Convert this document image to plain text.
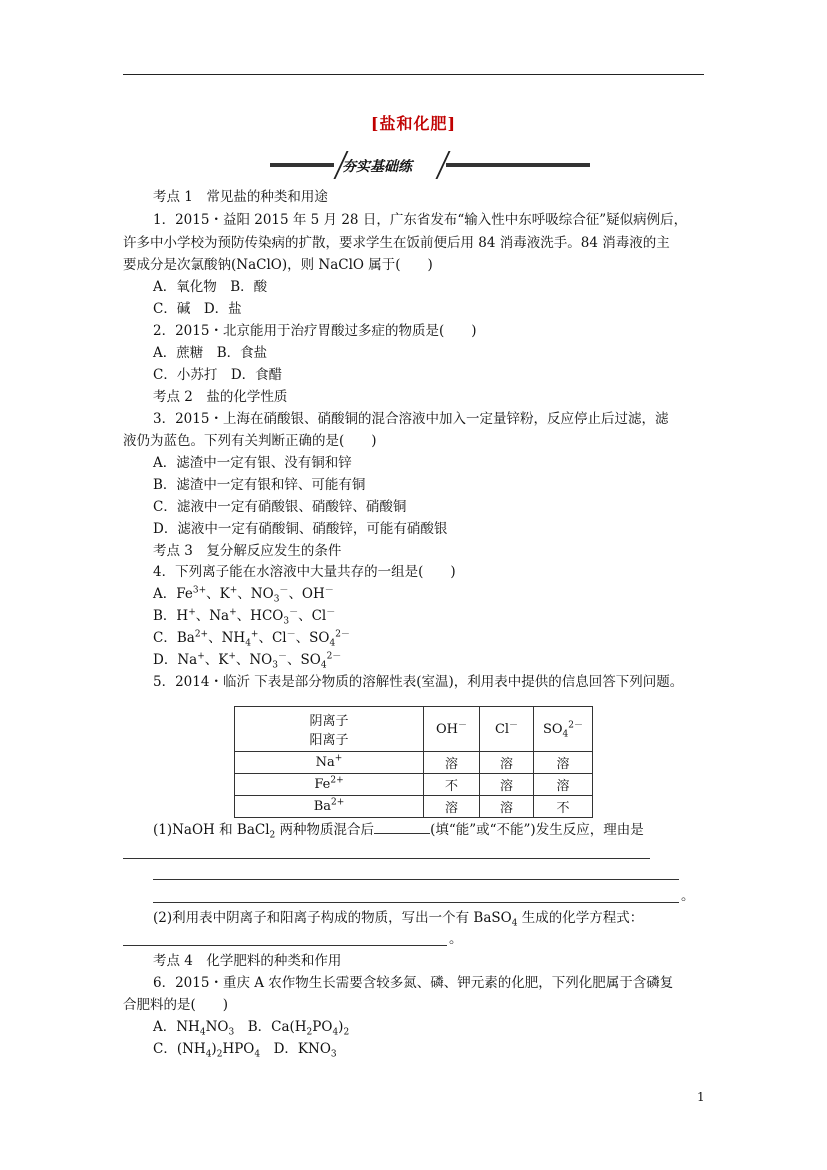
[盐和化肥]
夯实基础练
考点 1　常见盐的种类和用途
1．2015・益阳 2015 年 5 月 28 日，广东省发布“输入性中东呼吸综合征”疑似病例后，
许多中小学校为预防传染病的扩散，要求学生在饭前便后用 84 消毒液洗手。84 消毒液的主
要成分是次氯酸钠(NaClO)，则 NaClO 属于(　　)
A．氧化物　B．酸
C．碱　D．盐
2．2015・北京能用于治疗胃酸过多症的物质是(　　)
A．蔗糖　B．食盐
C．小苏打　D．食醋
考点 2　盐的化学性质
3．2015・上海在硝酸银、硝酸铜的混合溶液中加入一定量锌粉，反应停止后过滤，滤
液仍为蓝色。下列有关判断正确的是(　　)
A．滤渣中一定有银、没有铜和锌
B．滤渣中一定有银和锌、可能有铜
C．滤液中一定有硝酸银、硝酸锌、硝酸铜
D．滤液中一定有硝酸铜、硝酸锌，可能有硝酸银
考点 3　复分解反应发生的条件
4．下列离子能在水溶液中大量共存的一组是(　　)
A．$Fe^{3+}$、K+、$NO_3^-$、OH－
B．H+、Na+、$HCO_3^-$、Cl－
C．$Ba^{2+}$、$NH_4^+$、Cl－、$SO_4^{2-}$
D．Na+、K+、$NO_3^-$、$SO_4^{2-}$
5．2014・临沂 下表是部分物质的溶解性表(室温)，利用表中提供的信息回答下列问题。
阴离子
阳离子	OH－	Cl－	$SO_4^{2-}$
Na+	溶	溶	溶
$Fe^{2+}$	不	溶	溶
$Ba^{2+}$	溶	溶	不
(1)NaOH 和 BaCl$_2$ 两种物质混合后	(填“能”或“不能”)发生反应，理由是
。
(2)利用表中阴离子和阳离子构成的物质，写出一个有 BaSO$_4$ 生成的化学方程式：
。
考点 4　化学肥料的种类和作用
6．2015・重庆 A 农作物生长需要含较多氮、磷、钾元素的化肥，下列化肥属于含磷复
合肥料的是(　　)
A．$NH_4NO_3$　B．$Ca(H_2PO_4)_2$
C．$(NH_4)_2HPO_4$　D．$KNO_3$
1
